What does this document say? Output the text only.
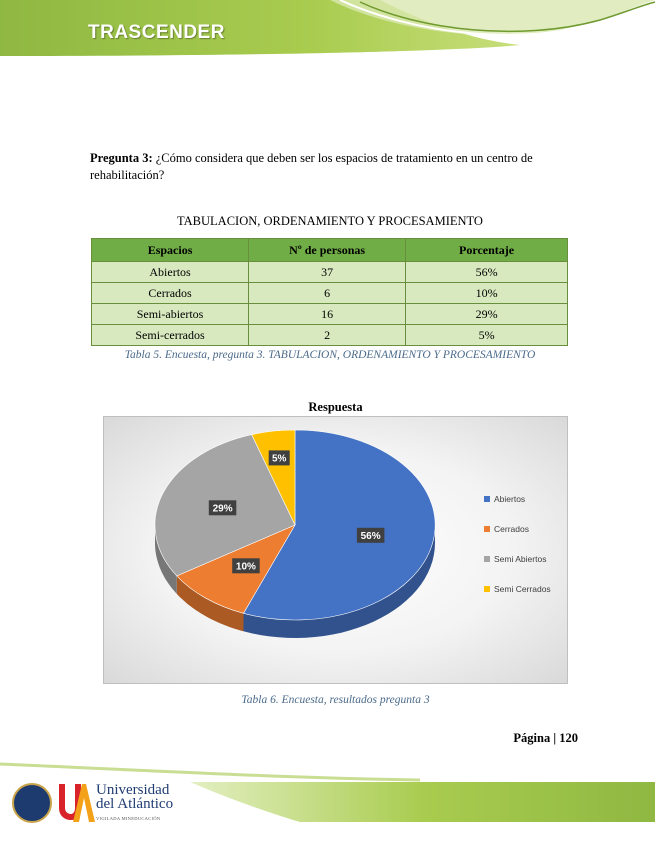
TRASCENDER
Pregunta 3: ¿Cómo considera que deben ser los espacios de tratamiento en un centro de rehabilitación?
TABULACION, ORDENAMIENTO Y PROCESAMIENTO
Espacios	Nº de personas	Porcentaje
Abiertos	37	56%
Cerrados	6	10%
Semi-abiertos	16	29%
Semi-cerrados	2	5%
Tabla 5. Encuesta, pregunta 3. TABULACION, ORDENAMIENTO Y PROCESAMIENTO
Respuesta
56%
10%
29%
5%
Abiertos
Cerrados
Semi Abiertos
Semi Cerrados
Tabla 6. Encuesta, resultados pregunta 3
Página | 120
Universidad
del Atlántico
VIGILADA MINEDUCACIÓN
